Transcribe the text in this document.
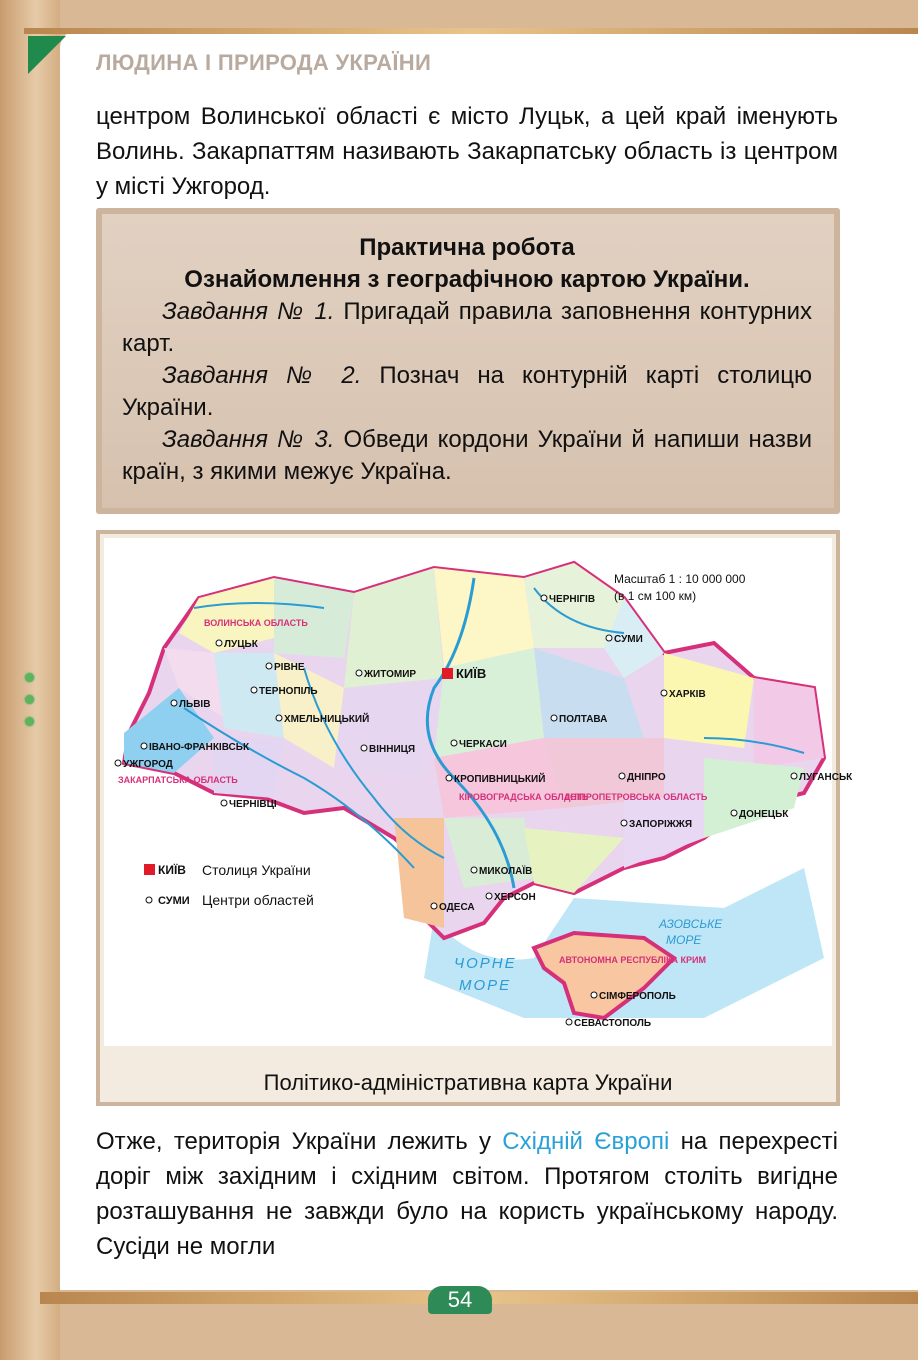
ЛЮДИНА І ПРИРОДА УКРАЇНИ
центром Волинської області є місто Луцьк, а цей край іменують Волинь. Закарпаттям називають Закарпатську область із центром у місті Ужгород.
Практична робота
Ознайомлення з географічною картою України.
Завдання № 1. Пригадай правила заповнення контурних карт.
Завдання № 2. Познач на контурній карті столицю України.
Завдання № 3. Обведи кордони України й напиши назви країн, з якими межує Україна.
Масштаб 1 : 10 000 000
(в 1 см 100 км)
КИЇВ
ЧЕРНІГІВ
СУМИ
ХАРКІВ
ЛУЦЬК
РІВНЕ
ЖИТОМИР
ЛЬВІВ
ТЕРНОПІЛЬ
ХМЕЛЬНИЦЬКИЙ
ІВАНО-ФРАНКІВСЬК	ВІННИЦЯ	ЧЕРКАСИ
ПОЛТАВА
ЛУГАНСЬК
УЖГОРОД
ЧЕРНІВЦІ
КРОПИВНИЦЬКИЙ	ДНІПРО
ЗАПОРІЖЖЯ
ДОНЕЦЬК
МИКОЛАЇВ
ХЕРСОН
ОДЕСА
СІМФЕРОПОЛЬ
СЕВАСТОПОЛЬ
ВОЛИНСЬКА ОБЛАСТЬ
ЗАКАРПАТСЬКА ОБЛАСТЬ
КІРОВОГРАДСЬКА ОБЛАСТЬ
ДНІПРОПЕТРОВСЬКА ОБЛАСТЬ
АВТОНОМНА РЕСПУБЛІКА КРИМ
ЧОРНЕ
МОРЕ
АЗОВСЬКЕ
МОРЕ
КИЇВ Столиця України
СУМИ Центри областей
Політико-адміністративна карта України
Отже, територія України лежить у Східній Європі на перехресті доріг між західним і східним світом. Протягом століть вигідне розташування не завжди було на користь українському народу. Сусіди не могли
54
